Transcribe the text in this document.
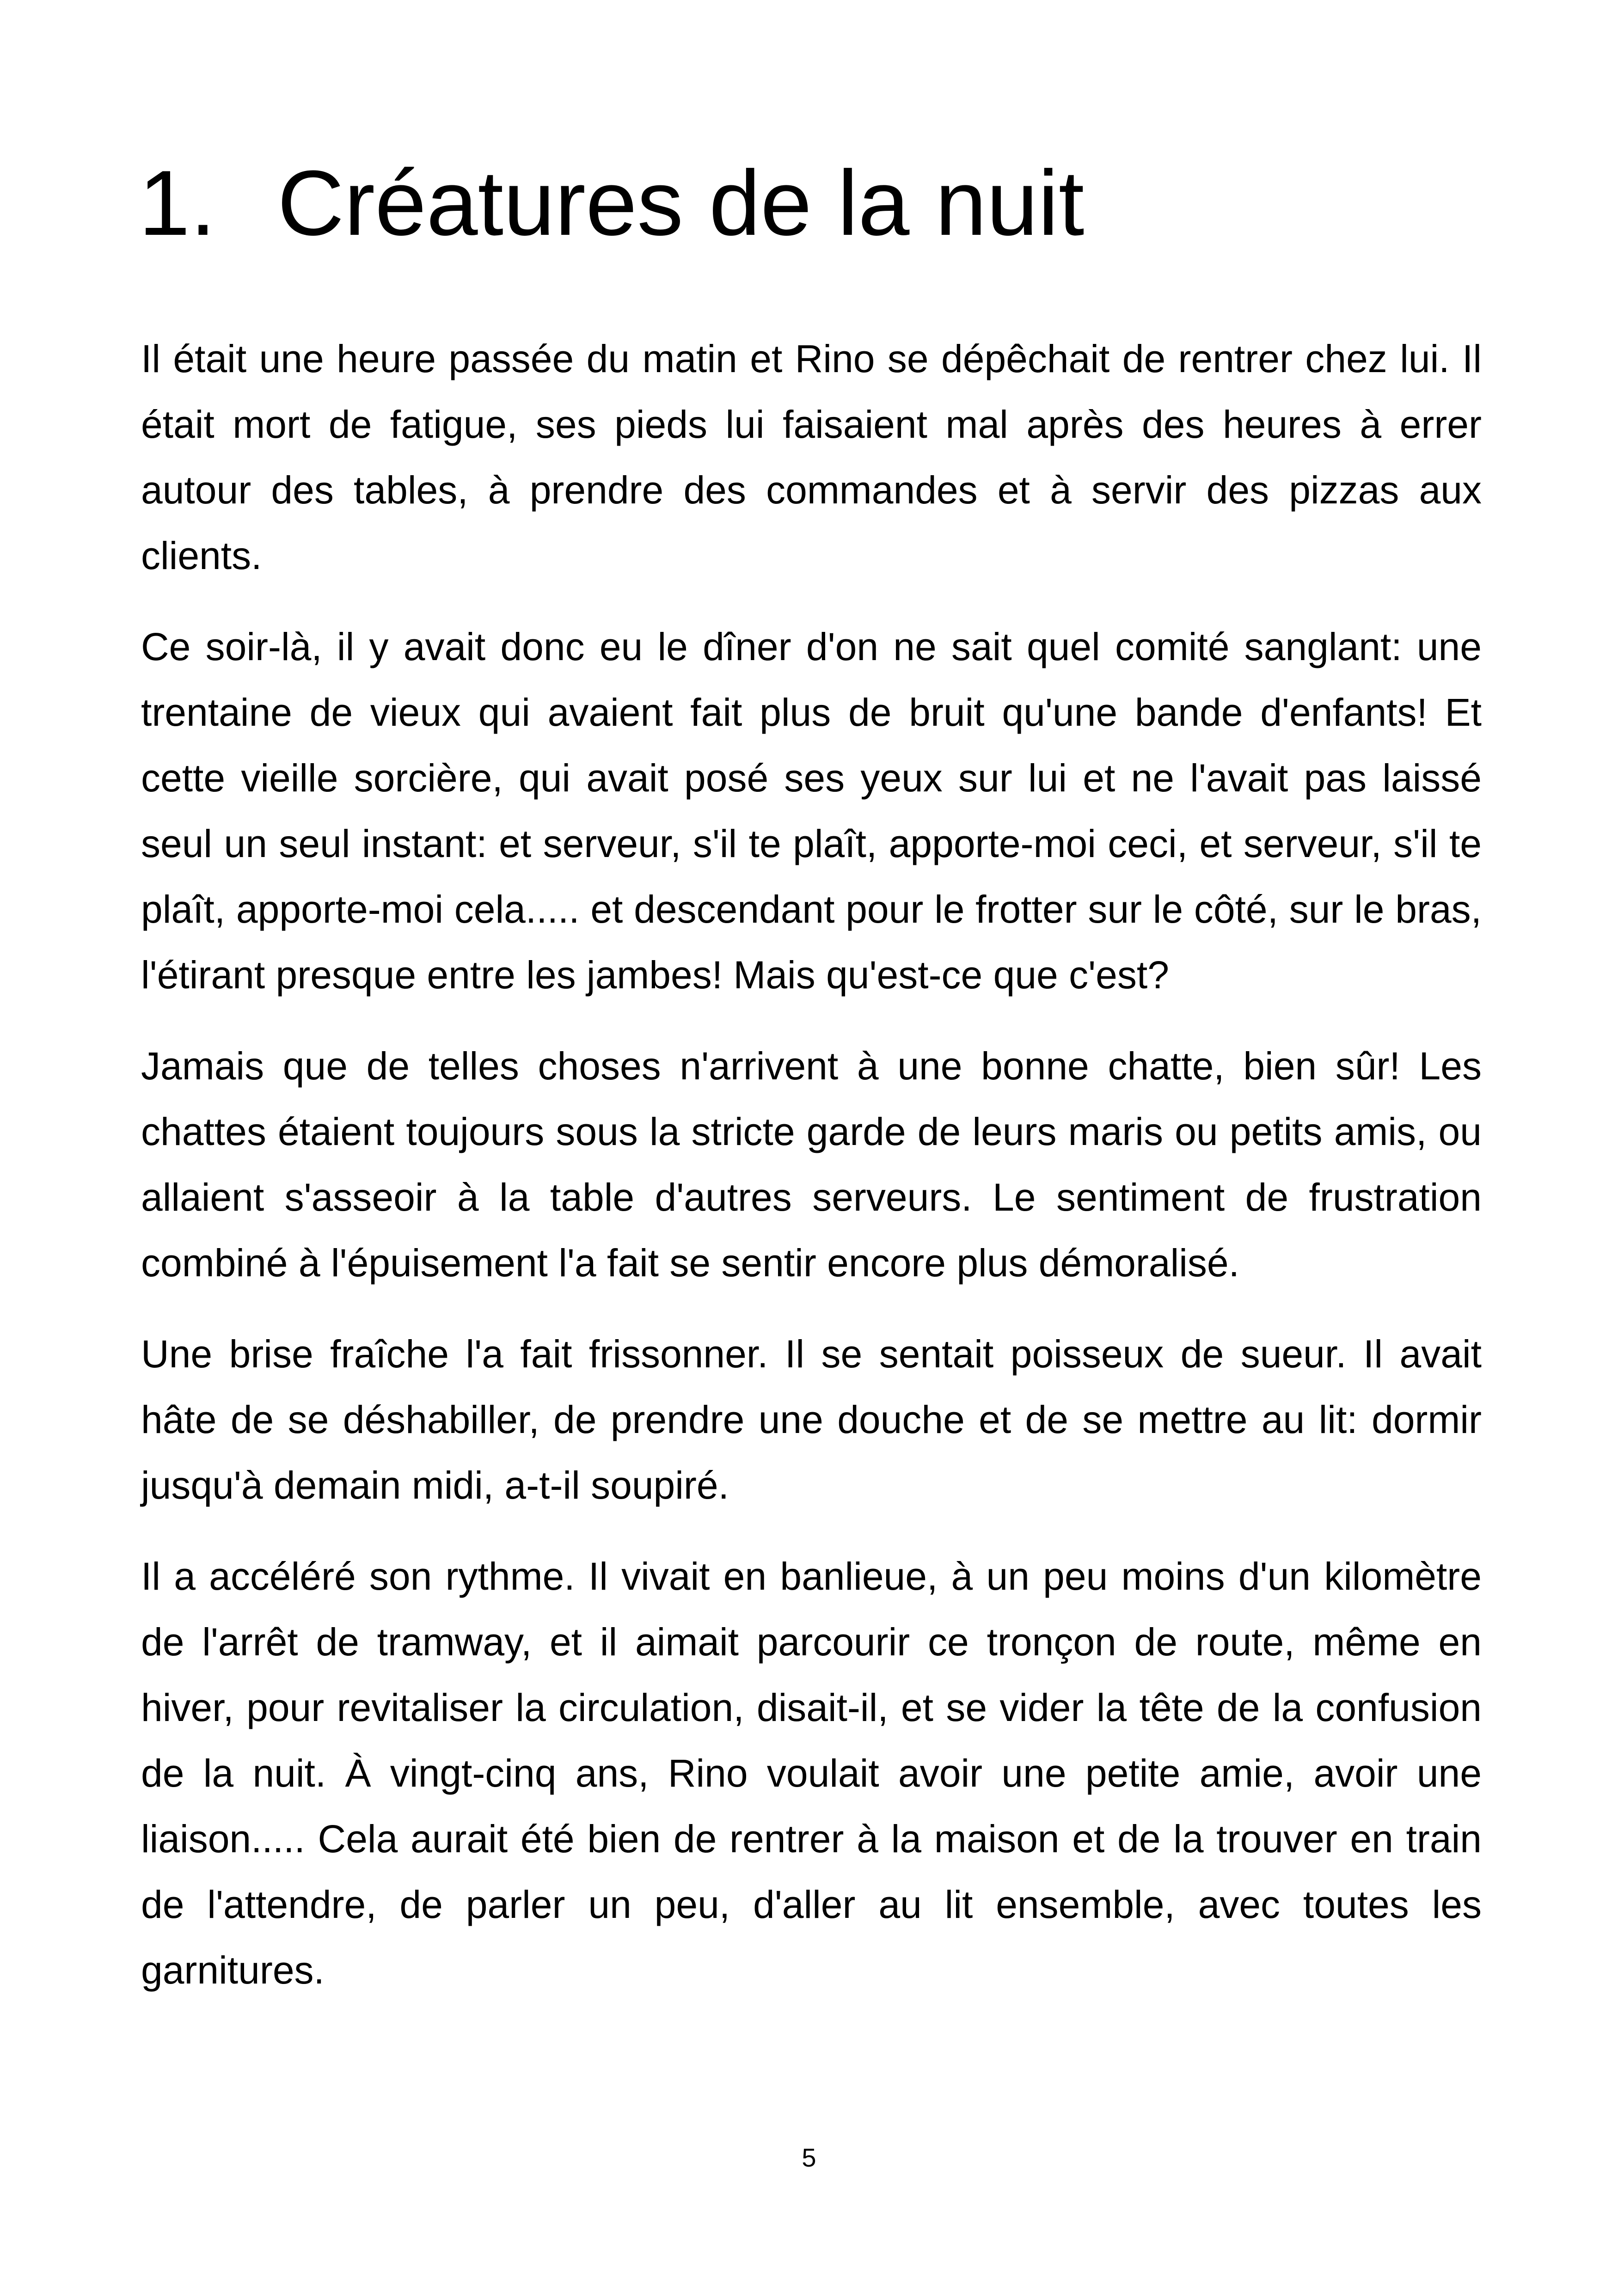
1. Créatures de la nuit

Il était une heure passée du matin et Rino se dépêchait de rentrer chez lui. Il était mort de fatigue, ses pieds lui faisaient mal après des heures à errer autour des tables, à prendre des commandes et à servir des pizzas aux clients.

Ce soir-là, il y avait donc eu le dîner d'on ne sait quel comité sanglant: une trentaine de vieux qui avaient fait plus de bruit qu'une bande d'enfants! Et cette vieille sorcière, qui avait posé ses yeux sur lui et ne l'avait pas laissé seul un seul instant: et serveur, s'il te plaît, apporte-moi ceci, et serveur, s'il te plaît, apporte-moi cela..... et descendant pour le frotter sur le côté, sur le bras, l'étirant presque entre les jambes! Mais qu'est-ce que c'est?

Jamais que de telles choses n'arrivent à une bonne chatte, bien sûr! Les chattes étaient toujours sous la stricte garde de leurs maris ou petits amis, ou allaient s'asseoir à la table d'autres serveurs. Le sentiment de frustration combiné à l'épuisement l'a fait se sentir encore plus démoralisé.

Une brise fraîche l'a fait frissonner. Il se sentait poisseux de sueur. Il avait hâte de se déshabiller, de prendre une douche et de se mettre au lit: dormir jusqu'à demain midi, a-t-il soupiré.

Il a accéléré son rythme. Il vivait en banlieue, à un peu moins d'un kilomètre de l'arrêt de tramway, et il aimait parcourir ce tronçon de route, même en hiver, pour revitaliser la circulation, disait-il, et se vider la tête de la confusion de la nuit. À vingt-cinq ans, Rino voulait avoir une petite amie, avoir une liaison..... Cela aurait été bien de rentrer à la maison et de la trouver en train de l'attendre, de parler un peu, d'aller au lit ensemble, avec toutes les garnitures.

5
